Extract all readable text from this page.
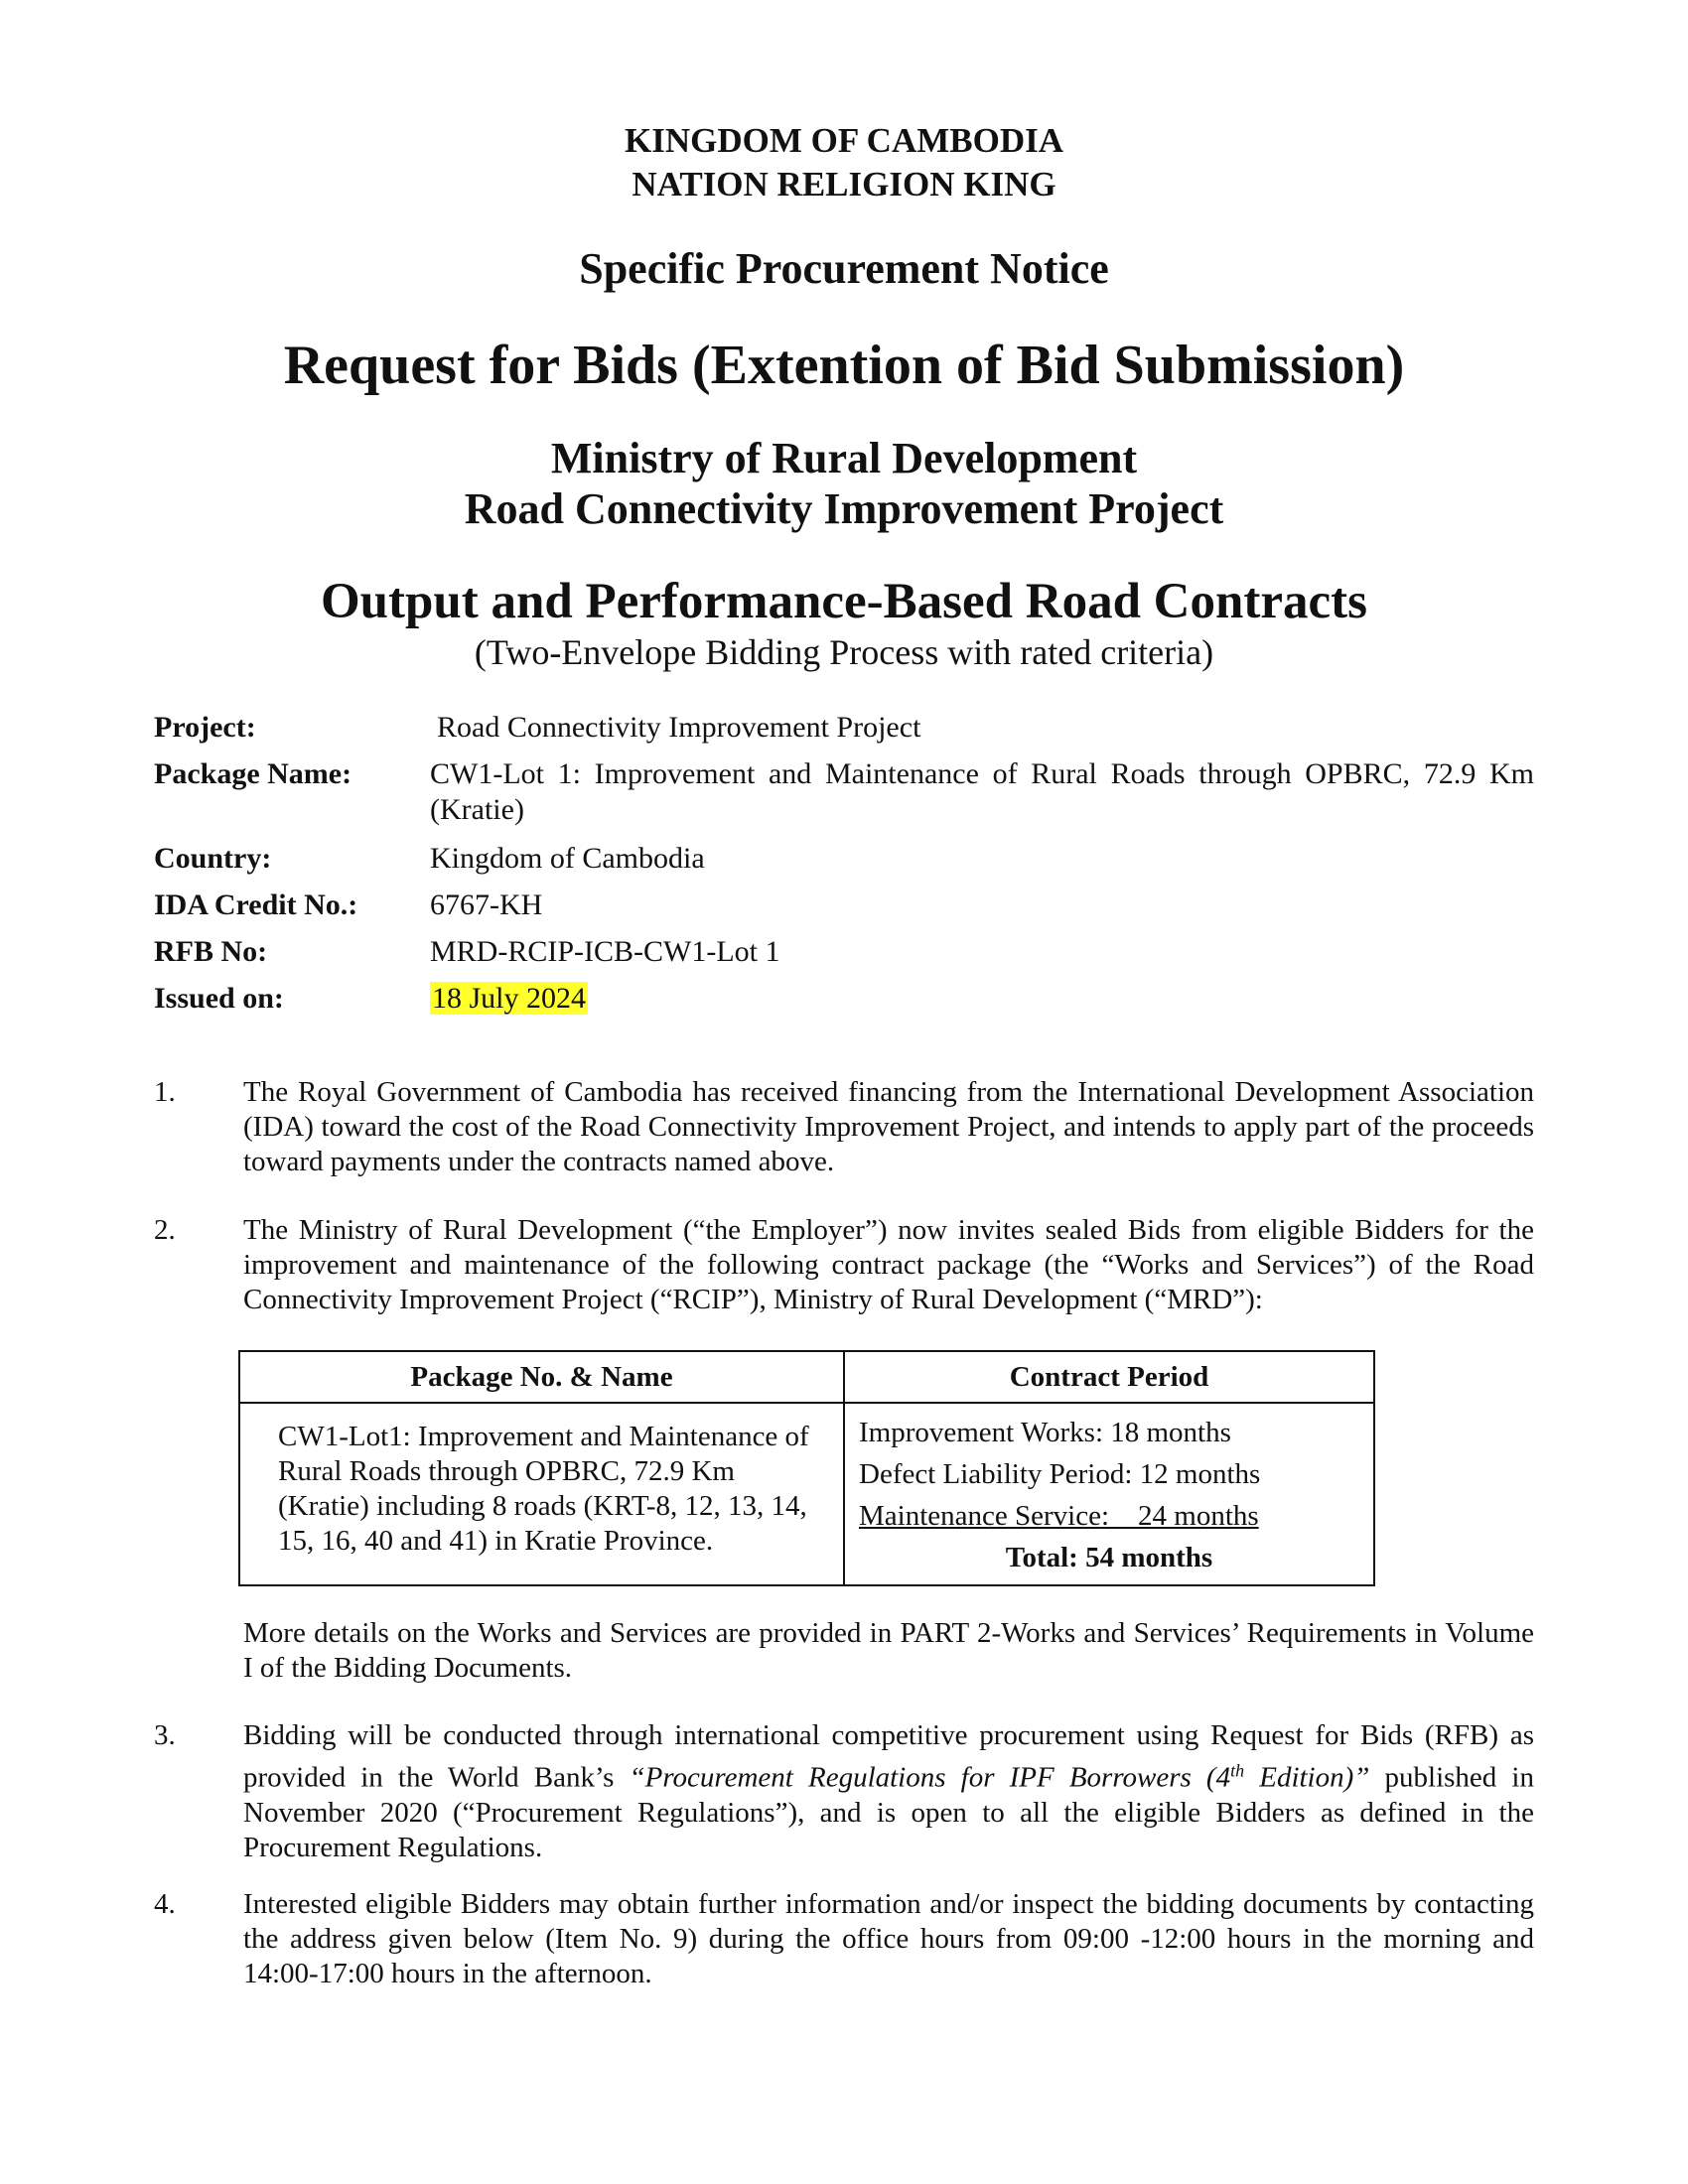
KINGDOM OF CAMBODIA
NATION RELIGION KING
Specific Procurement Notice
Request for Bids (Extention of Bid Submission)
Ministry of Rural Development
Road Connectivity Improvement Project
Output and Performance-Based Road Contracts
(Two-Envelope Bidding Process with rated criteria)
Project:	Road Connectivity Improvement Project
Package Name:	CW1-Lot 1: Improvement and Maintenance of Rural Roads through OPBRC, 72.9 Km (Kratie)
Country:	Kingdom of Cambodia
IDA Credit No.: 6767-KH
RFB No:	MRD-RCIP-ICB-CW1-Lot 1
Issued on:	18 July 2024
1. The Royal Government of Cambodia has received financing from the International Development Association (IDA) toward the cost of the Road Connectivity Improvement Project, and intends to apply part of the proceeds toward payments under the contracts named above.
2. The Ministry of Rural Development (“the Employer”) now invites sealed Bids from eligible Bidders for the improvement and maintenance of the following contract package (the “Works and Services”) of the Road Connectivity Improvement Project (“RCIP”), Ministry of Rural Development (“MRD”):
Package No. & Name	Contract Period
CW1-Lot1: Improvement and Maintenance of Rural Roads through OPBRC, 72.9 Km (Kratie) including 8 roads (KRT-8, 12, 13, 14, 15, 16, 40 and 41) in Kratie Province.	Improvement Works: 18 months
Defect Liability Period: 12 months
Maintenance Service:    24 months
Total: 54 months
More details on the Works and Services are provided in PART 2-Works and Services’ Requirements in Volume I of the Bidding Documents.
3. Bidding will be conducted through international competitive procurement using Request for Bids (RFB) as provided in the World Bank’s “Procurement Regulations for IPF Borrowers (4th Edition)” published in November 2020 (“Procurement Regulations”), and is open to all the eligible Bidders as defined in the Procurement Regulations.
4. Interested eligible Bidders may obtain further information and/or inspect the bidding documents by contacting the address given below (Item No. 9) during the office hours from 09:00 -12:00 hours in the morning and 14:00-17:00 hours in the afternoon.
